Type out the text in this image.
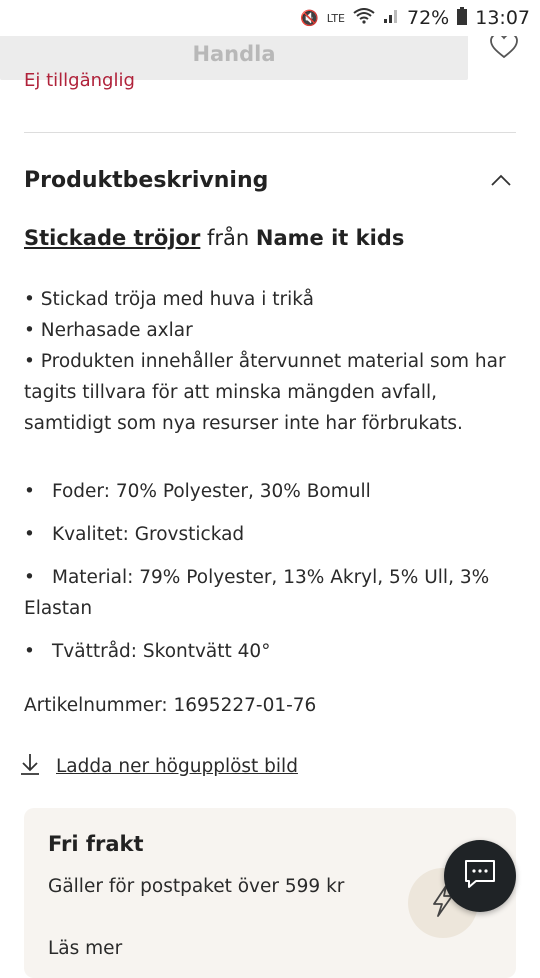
🔇 LTE	72% 13:07
Handla
Ej tillgänglig
Produktbeskrivning
Stickade tröjor från Name it kids

• Stickad tröja med huva i trikå

• Nerhasade axlar

• Produkten innehåller återvunnet material som har tagits tillvara för att minska mängden avfall, samtidigt som nya resurser inte har förbrukats.

• Foder: 70% Polyester, 30% Bomull

• Kvalitet: Grovstickad

• Material: 79% Polyester, 13% Akryl, 5% Ull, 3% Elastan

• Tvättråd: Skontvätt 40°

Artikelnummer: 1695227-01-76
Ladda ner högupplöst bild
Fri frakt
Gäller för postpaket över 599 kr
Läs mer
